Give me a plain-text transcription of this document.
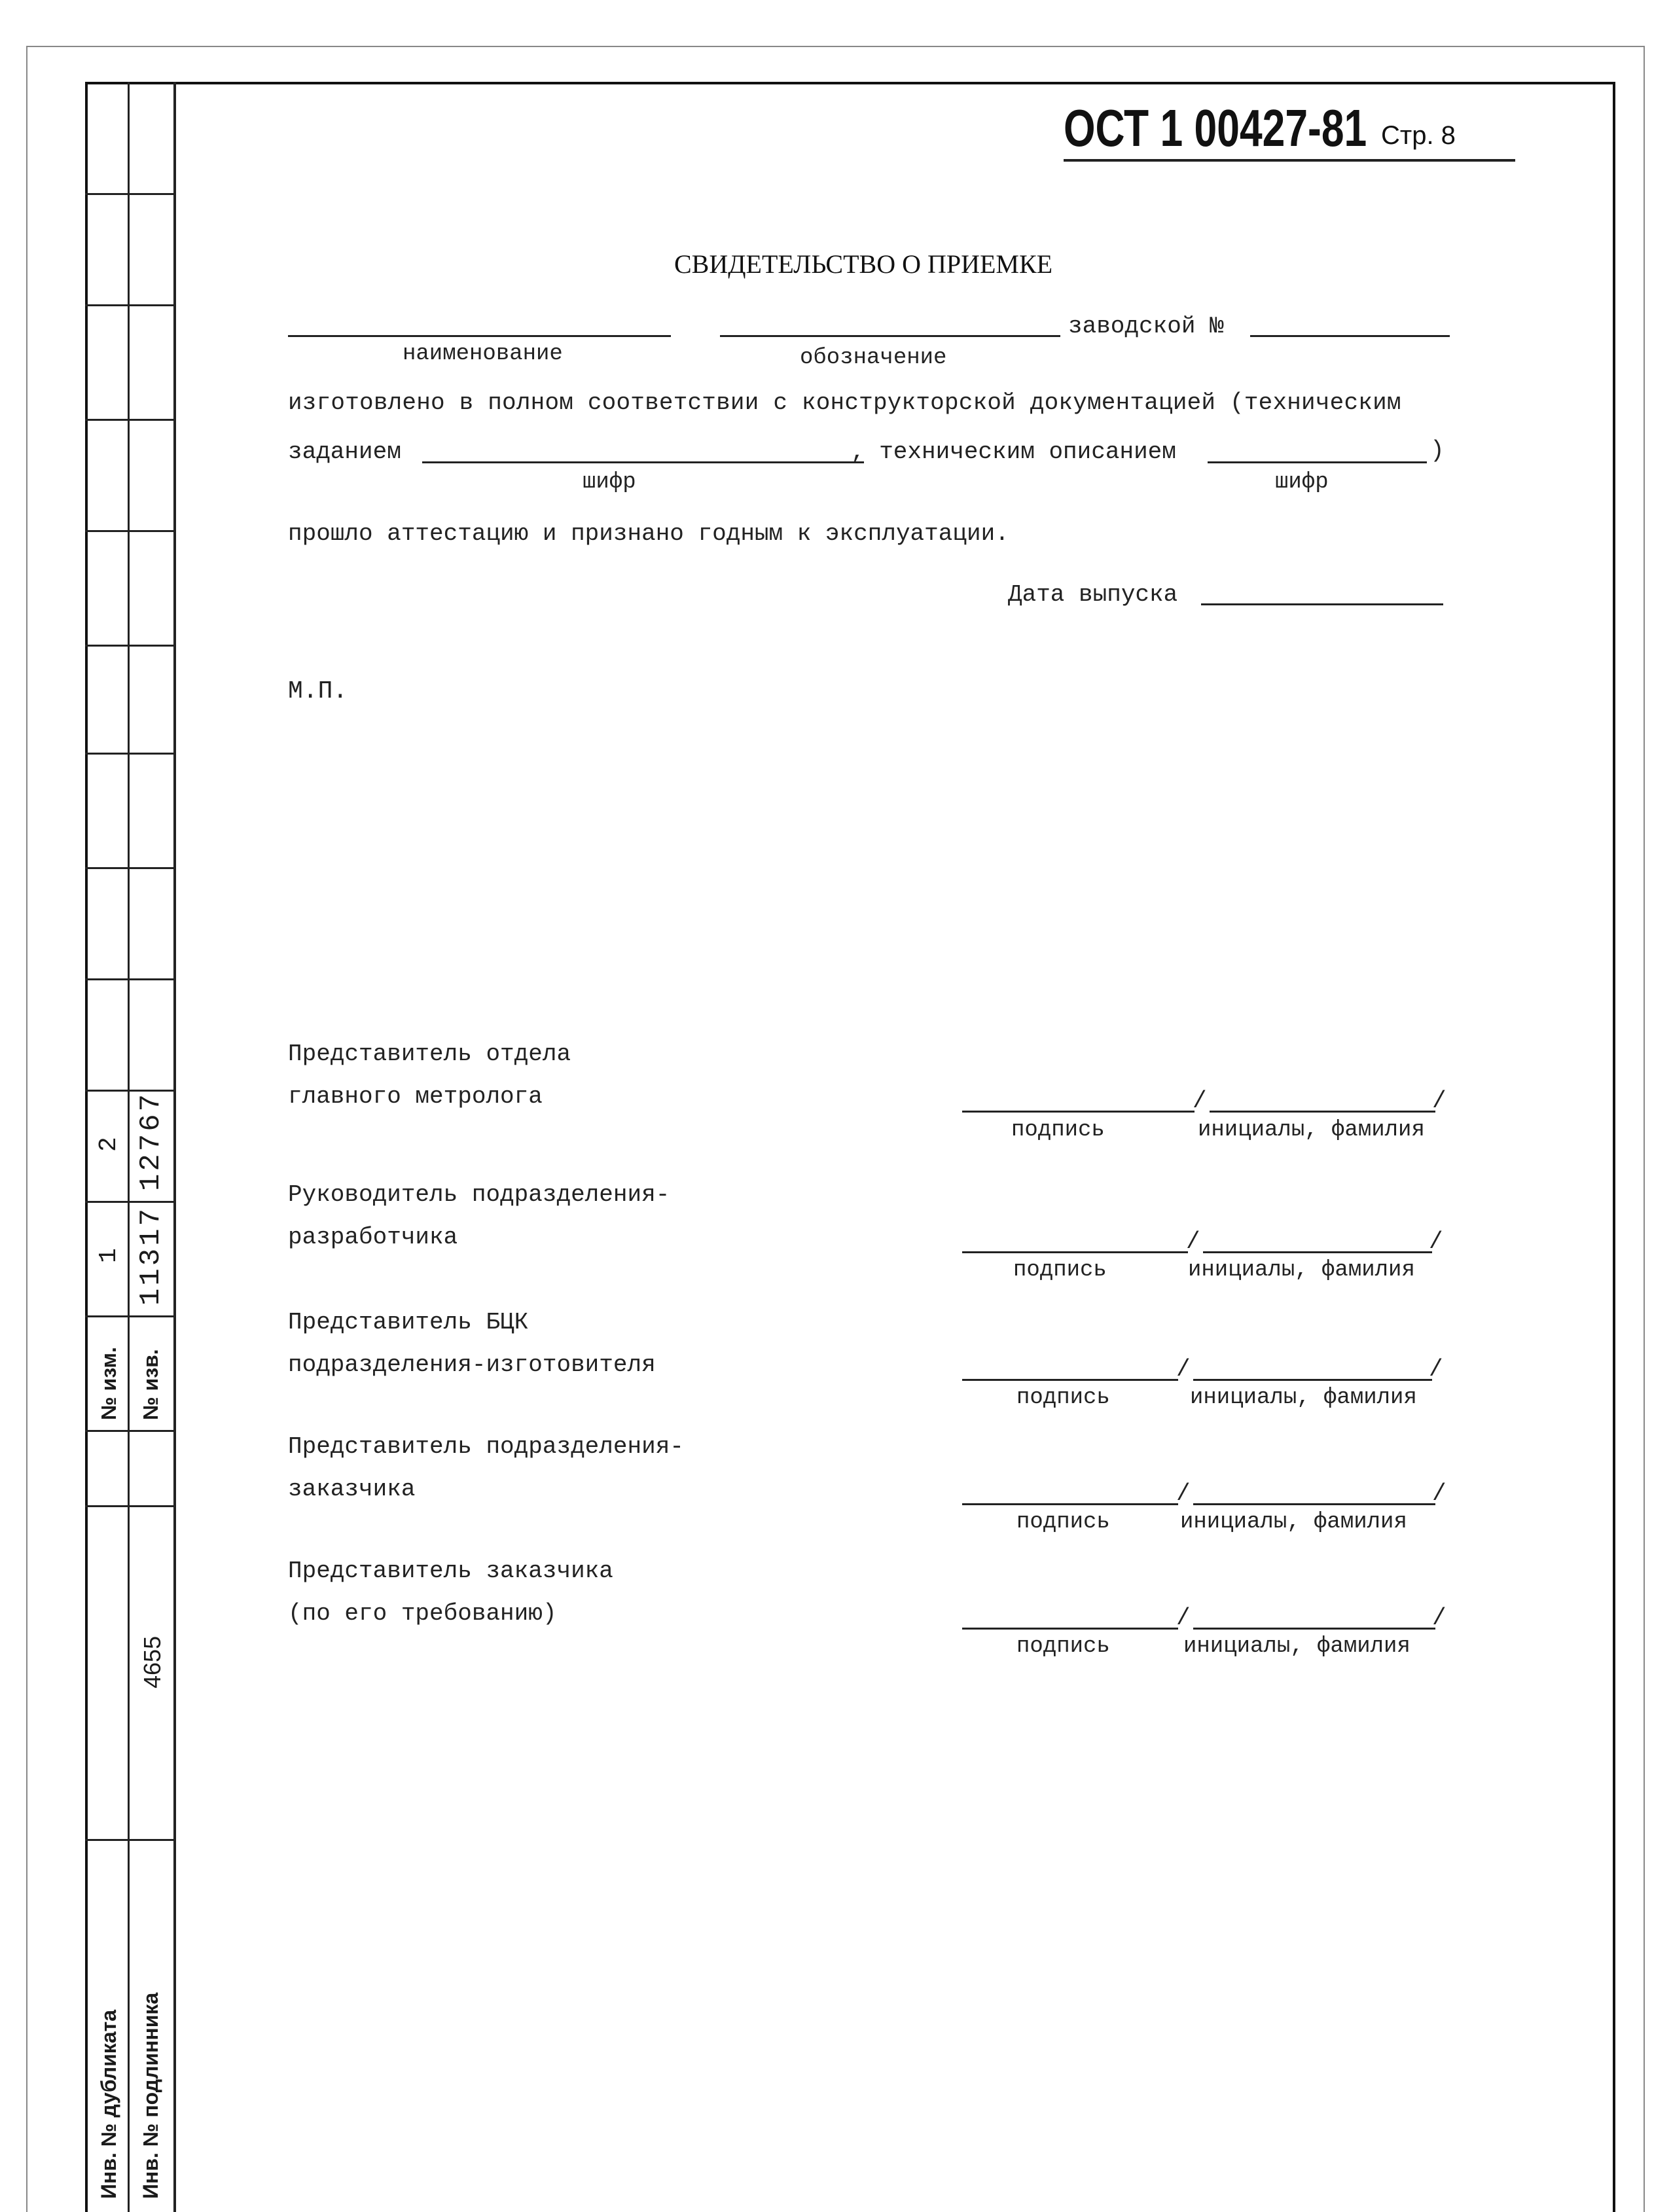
2 12767
1 11317
№ изм. № изв.
4655
Инв. № дубликата Инв. № подлинника
ОСТ 1 00427-81 Стр. 8
СВИДЕТЕЛЬСТВО О ПРИЕМКЕ
заводской №
наименование	обозначение
изготовлено в полном соответствии с конструкторской документацией (техническим
заданием	, техническим описанием	)
шифр	шифр
прошло аттестацию и признано годным к эксплуатации.
Дата выпуска
М.П.
Представитель отдела
главного метролога	/	/
подпись	инициалы, фамилия
Руководитель подразделения-
разработчика	/	/
подпись	инициалы, фамилия
Представитель БЦК
подразделения-изготовителя	/	/
подпись	инициалы, фамилия
Представитель подразделения-
заказчика	/	/
подпись	инициалы, фамилия
Представитель заказчика
(по его требованию)	/	/
подпись	инициалы, фамилия
